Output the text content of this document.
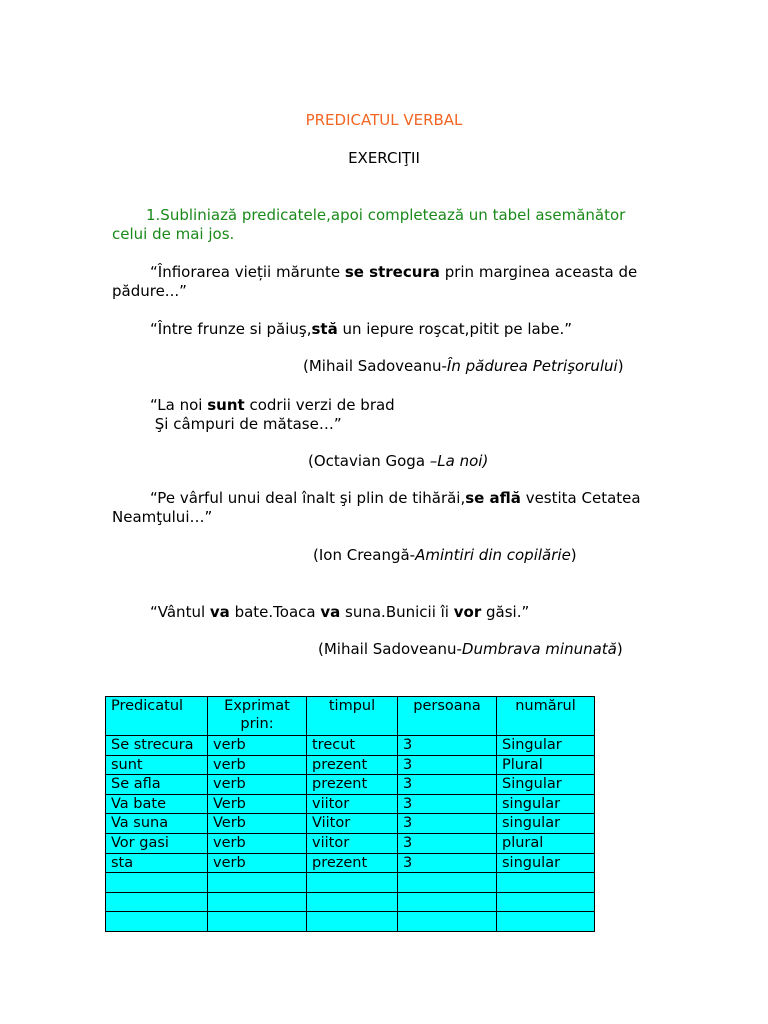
PREDICATUL VERBAL
EXERCIŢII
1.Subliniază predicatele,apoi completează un tabel asemănător
celui de mai jos.
“Înfiorarea vieții mărunte se strecura prin marginea aceasta de
pădure...”
“Între frunze si păiuş,stă un iepure roşcat,pitit pe labe.”
(Mihail Sadoveanu-În pădurea Petrişorului)
“La noi sunt codrii verzi de brad
Şi câmpuri de mătase…”
(Octavian Goga –La noi)
“Pe vârful unui deal înalt şi plin de tihărăi,se află vestita Cetatea
Neamţului…”
(Ion Creangă-Amintiri din copilărie)
“Vântul va bate.Toaca va suna.Bunicii îi vor găsi.”
(Mihail Sadoveanu-Dumbrava minunată)
Predicatul	Exprimat prin:	timpul	persoana	numărul
Se strecura	verb	trecut	3	Singular
sunt	verb	prezent	3	Plural
Se afla	verb	prezent	3	Singular
Va bate	Verb	viitor	3	singular
Va suna	Verb	Viitor	3	singular
Vor gasi	verb	viitor	3	plural
sta	verb	prezent	3	singular
